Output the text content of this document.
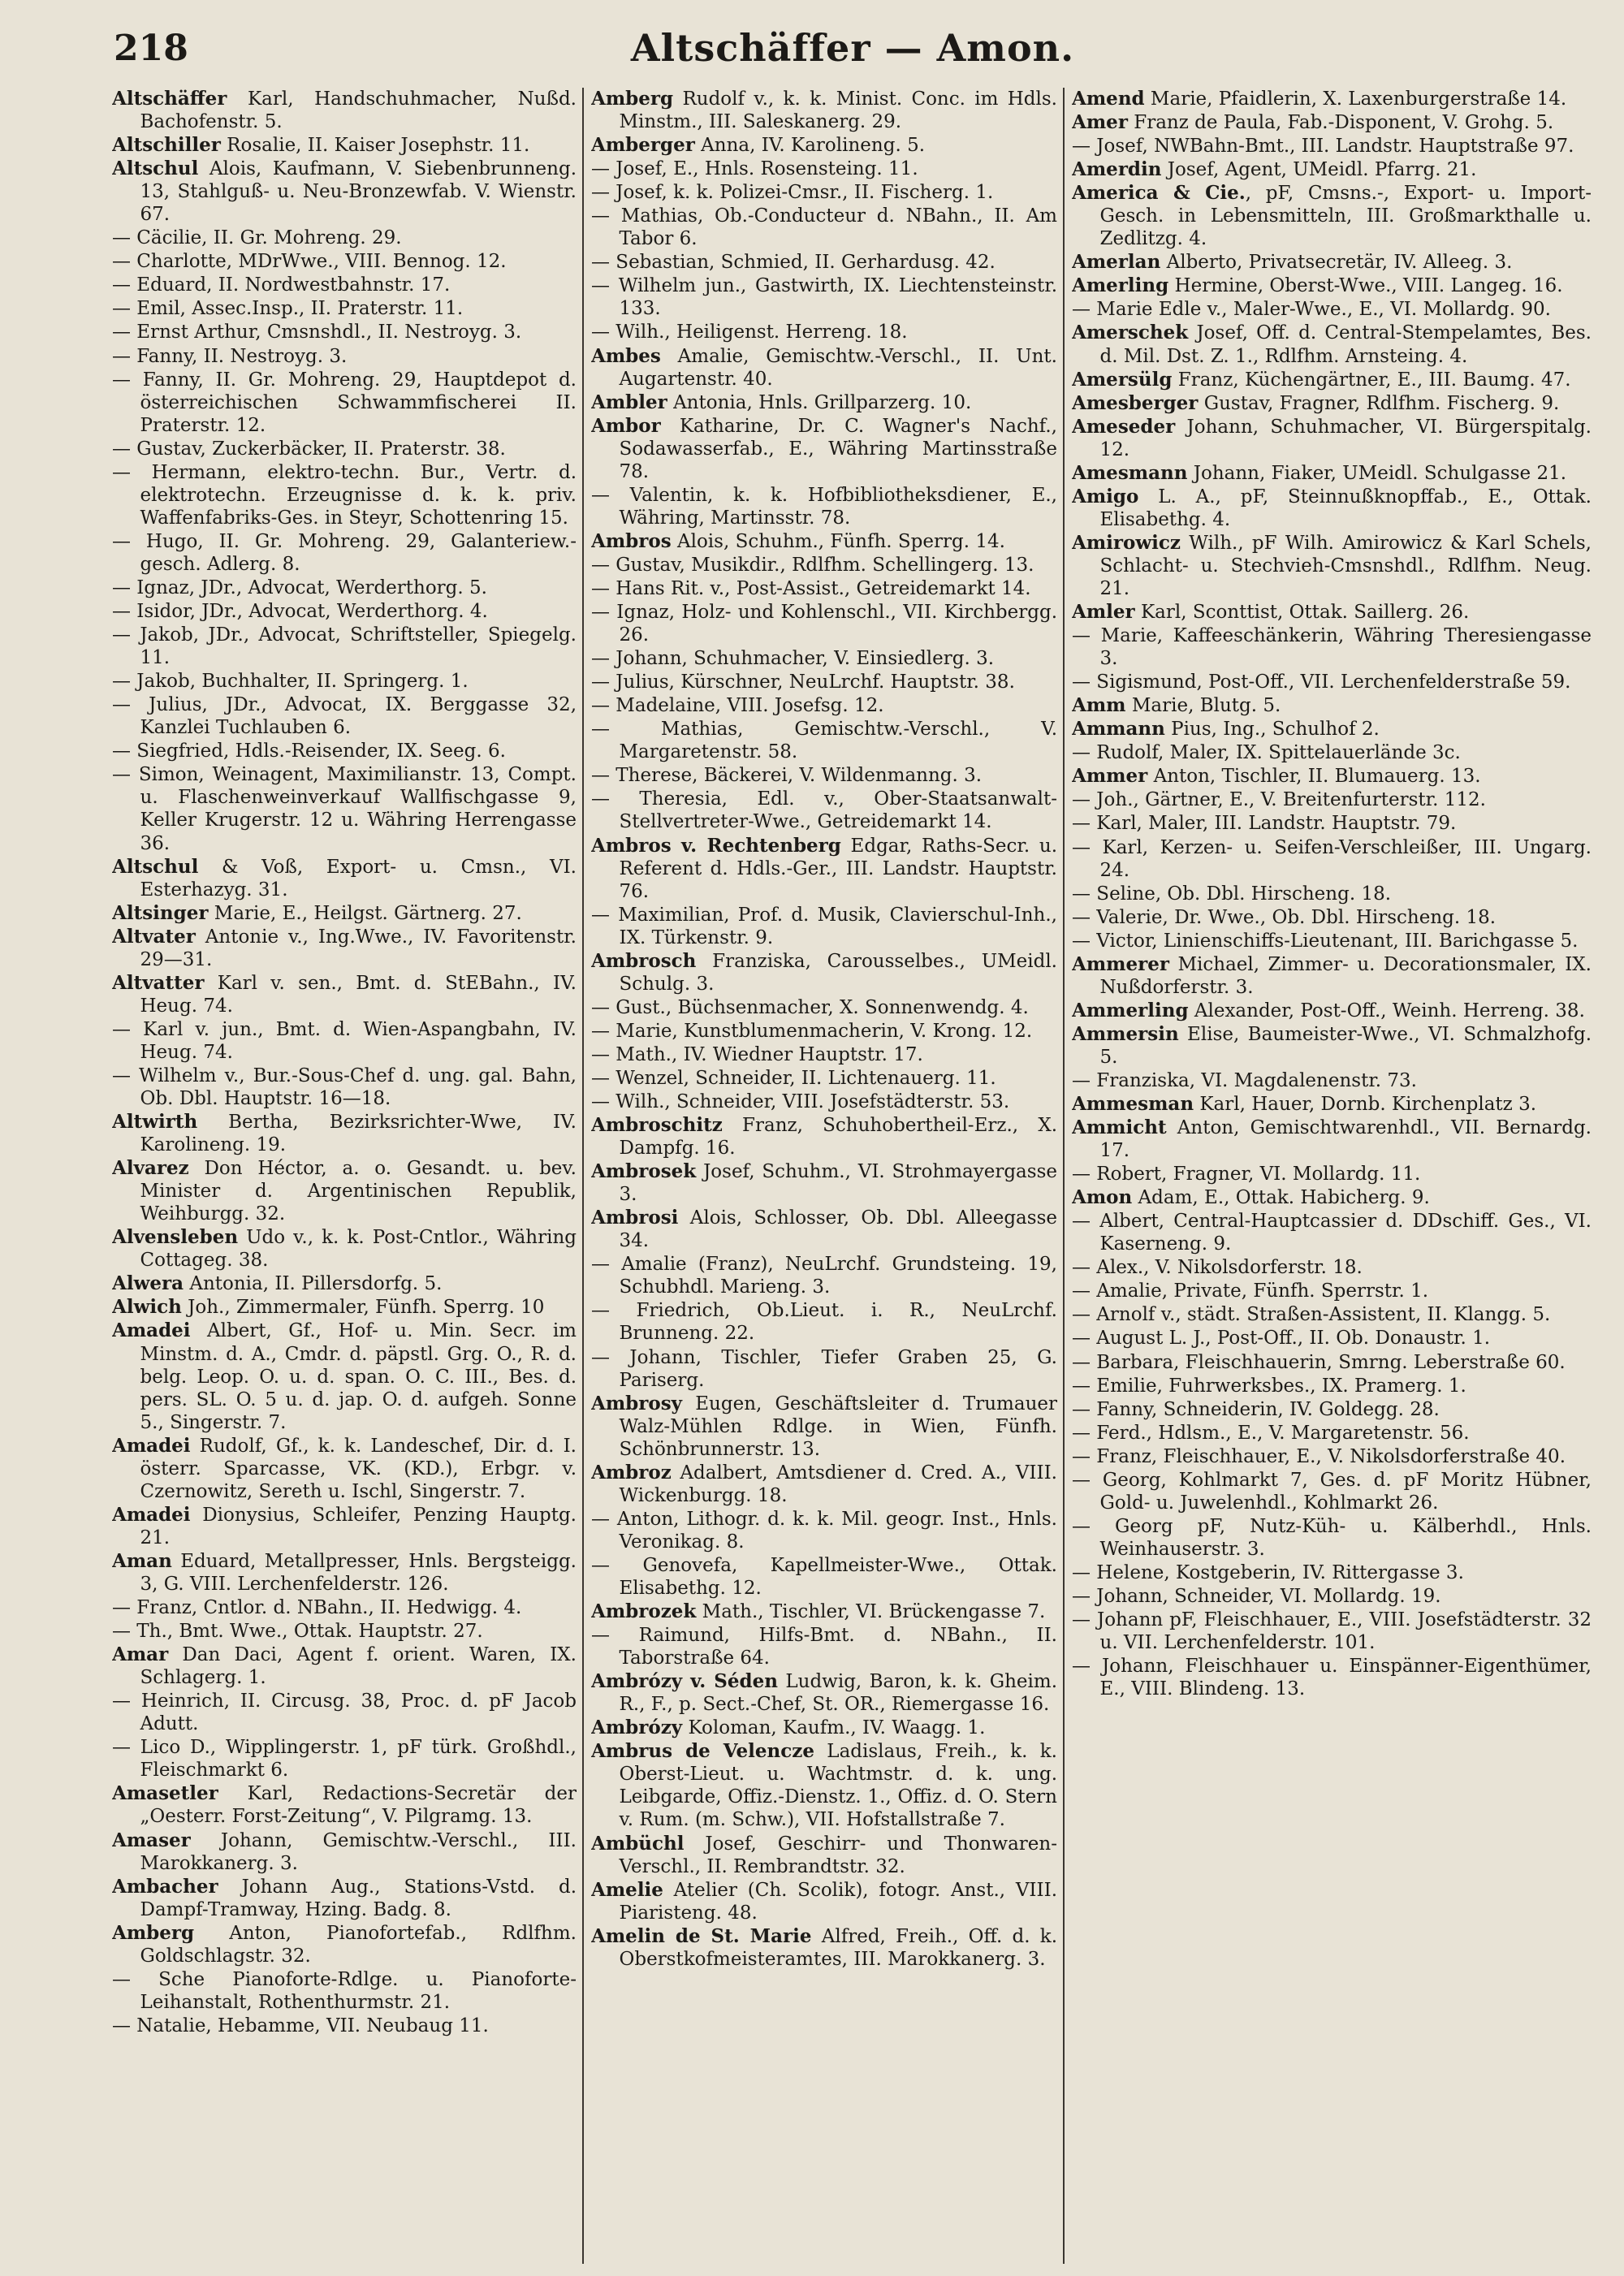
218	Altschäffer — Amon.
Altschäffer Karl, Handschuhmacher, Nußd. Bachofenstr. 5.
Altschiller Rosalie, II. Kaiser Josephstr. 11.
Altschul Alois, Kaufmann, V. Siebenbrunneng. 13, Stahlguß- u. Neu-Bronzewfab. V. Wienstr. 67.
— Cäcilie, II. Gr. Mohreng. 29.
— Charlotte, MDrWwe., VIII. Bennog. 12.
— Eduard, II. Nordwestbahnstr. 17.
— Emil, Assec.Insp., II. Praterstr. 11.
— Ernst Arthur, Cmsnshdl., II. Nestroyg. 3.
— Fanny, II. Nestroyg. 3.
— Fanny, II. Gr. Mohreng. 29, Hauptdepot d. österreichischen Schwammfischerei II. Praterstr. 12.
— Gustav, Zuckerbäcker, II. Praterstr. 38.
— Hermann, elektro-techn. Bur., Vertr. d. elektrotechn. Erzeugnisse d. k. k. priv. Waffenfabriks-Ges. in Steyr, Schottenring 15.
— Hugo, II. Gr. Mohreng. 29, Galanteriew.-gesch. Adlerg. 8.
— Ignaz, JDr., Advocat, Werderthorg. 5.
— Isidor, JDr., Advocat, Werderthorg. 4.
— Jakob, JDr., Advocat, Schriftsteller, Spiegelg. 11.
— Jakob, Buchhalter, II. Springerg. 1.
— Julius, JDr., Advocat, IX. Berggasse 32, Kanzlei Tuchlauben 6.
— Siegfried, Hdls.-Reisender, IX. Seeg. 6.
— Simon, Weinagent, Maximilianstr. 13, Compt. u. Flaschenweinverkauf Wallfischgasse 9, Keller Krugerstr. 12 u. Währing Herrengasse 36.
Altschul & Voß, Export- u. Cmsn., VI. Esterhazyg. 31.
Altsinger Marie, E., Heilgst. Gärtnerg. 27.
Altvater Antonie v., Ing.Wwe., IV. Favoritenstr. 29—31.
Altvatter Karl v. sen., Bmt. d. StEBahn., IV. Heug. 74.
— Karl v. jun., Bmt. d. Wien-Aspangbahn, IV. Heug. 74.
— Wilhelm v., Bur.-Sous-Chef d. ung. gal. Bahn, Ob. Dbl. Hauptstr. 16—18.
Altwirth Bertha, Bezirksrichter-Wwe, IV. Karolineng. 19.
Alvarez Don Héctor, a. o. Gesandt. u. bev. Minister d. Argentinischen Republik, Weihburgg. 32.
Alvensleben Udo v., k. k. Post-Cntlor., Währing Cottageg. 38.
Alwera Antonia, II. Pillersdorfg. 5.
Alwich Joh., Zimmermaler, Fünfh. Sperrg. 10
Amadei Albert, Gf., Hof- u. Min. Secr. im Minstm. d. A., Cmdr. d. päpstl. Grg. O., R. d. belg. Leop. O. u. d. span. O. C. III., Bes. d. pers. SL. O. 5 u. d. jap. O. d. aufgeh. Sonne 5., Singerstr. 7.
Amadei Rudolf, Gf., k. k. Landeschef, Dir. d. I. österr. Sparcasse, VK. (KD.), Erbgr. v. Czernowitz, Sereth u. Ischl, Singerstr. 7.
Amadei Dionysius, Schleifer, Penzing Hauptg. 21.
Aman Eduard, Metallpresser, Hnls. Bergsteigg. 3, G. VIII. Lerchenfelderstr. 126.
— Franz, Cntlor. d. NBahn., II. Hedwigg. 4.
— Th., Bmt. Wwe., Ottak. Hauptstr. 27.
Amar Dan Daci, Agent f. orient. Waren, IX. Schlagerg. 1.
— Heinrich, II. Circusg. 38, Proc. d. pF Jacob Adutt.
— Lico D., Wipplingerstr. 1, pF türk. Großhdl., Fleischmarkt 6.
Amasetler Karl, Redactions-Secretär der „Oesterr. Forst-Zeitung“, V. Pilgramg. 13.
Amaser Johann, Gemischtw.-Verschl., III. Marokkanerg. 3.
Ambacher Johann Aug., Stations-Vstd. d. Dampf-Tramway, Hzing. Badg. 8.
Amberg Anton, Pianofortefab., Rdlfhm. Goldschlagstr. 32.
— Sche Pianoforte-Rdlge. u. Pianoforte-Leihanstalt, Rothenthurmstr. 21.
— Natalie, Hebamme, VII. Neubaug 11.
Amberg Rudolf v., k. k. Minist. Conc. im Hdls. Minstm., III. Saleskanerg. 29.
Amberger Anna, IV. Karolineng. 5.
— Josef, E., Hnls. Rosensteing. 11.
— Josef, k. k. Polizei-Cmsr., II. Fischerg. 1.
— Mathias, Ob.-Conducteur d. NBahn., II. Am Tabor 6.
— Sebastian, Schmied, II. Gerhardusg. 42.
— Wilhelm jun., Gastwirth, IX. Liechtensteinstr. 133.
— Wilh., Heiligenst. Herreng. 18.
Ambes Amalie, Gemischtw.-Verschl., II. Unt. Augartenstr. 40.
Ambler Antonia, Hnls. Grillparzerg. 10.
Ambor Katharine, Dr. C. Wagner's Nachf., Sodawasserfab., E., Währing Martinsstraße 78.
— Valentin, k. k. Hofbibliotheksdiener, E., Währing, Martinsstr. 78.
Ambros Alois, Schuhm., Fünfh. Sperrg. 14.
— Gustav, Musikdir., Rdlfhm. Schellingerg. 13.
— Hans Rit. v., Post-Assist., Getreidemarkt 14.
— Ignaz, Holz- und Kohlenschl., VII. Kirchbergg. 26.
— Johann, Schuhmacher, V. Einsiedlerg. 3.
— Julius, Kürschner, NeuLrchf. Hauptstr. 38.
— Madelaine, VIII. Josefsg. 12.
— Mathias, Gemischtw.-Verschl., V. Margaretenstr. 58.
— Therese, Bäckerei, V. Wildenmanng. 3.
— Theresia, Edl. v., Ober-Staatsanwalt-Stellvertreter-Wwe., Getreidemarkt 14.
Ambros v. Rechtenberg Edgar, Raths-Secr. u. Referent d. Hdls.-Ger., III. Landstr. Hauptstr. 76.
— Maximilian, Prof. d. Musik, Clavierschul-Inh., IX. Türkenstr. 9.
Ambrosch Franziska, Carousselbes., UMeidl. Schulg. 3.
— Gust., Büchsenmacher, X. Sonnenwendg. 4.
— Marie, Kunstblumenmacherin, V. Krong. 12.
— Math., IV. Wiedner Hauptstr. 17.
— Wenzel, Schneider, II. Lichtenauerg. 11.
— Wilh., Schneider, VIII. Josefstädterstr. 53.
Ambroschitz Franz, Schuhobertheil-Erz., X. Dampfg. 16.
Ambrosek Josef, Schuhm., VI. Strohmayergasse 3.
Ambrosi Alois, Schlosser, Ob. Dbl. Alleegasse 34.
— Amalie (Franz), NeuLrchf. Grundsteing. 19, Schubhdl. Marieng. 3.
— Friedrich, Ob.Lieut. i. R., NeuLrchf. Brunneng. 22.
— Johann, Tischler, Tiefer Graben 25, G. Pariserg.
Ambrosy Eugen, Geschäftsleiter d. Trumauer Walz-Mühlen Rdlge. in Wien, Fünfh. Schönbrunnerstr. 13.
Ambroz Adalbert, Amtsdiener d. Cred. A., VIII. Wickenburgg. 18.
— Anton, Lithogr. d. k. k. Mil. geogr. Inst., Hnls. Veronikag. 8.
— Genovefa, Kapellmeister-Wwe., Ottak. Elisabethg. 12.
Ambrozek Math., Tischler, VI. Brückengasse 7.
— Raimund, Hilfs-Bmt. d. NBahn., II. Taborstraße 64.
Ambrózy v. Séden Ludwig, Baron, k. k. Gheim. R., F., p. Sect.-Chef, St. OR., Riemergasse 16.
Ambrózy Koloman, Kaufm., IV. Waagg. 1.
Ambrus de Velencze Ladislaus, Freih., k. k. Oberst-Lieut. u. Wachtmstr. d. k. ung. Leibgarde, Offiz.-Dienstz. 1., Offiz. d. O. Stern v. Rum. (m. Schw.), VII. Hofstallstraße 7.
Ambüchl Josef, Geschirr- und Thonwaren-Verschl., II. Rembrandtstr. 32.
Amelie Atelier (Ch. Scolik), fotogr. Anst., VIII. Piaristeng. 48.
Amelin de St. Marie Alfred, Freih., Off. d. k. Oberstkofmeisteramtes, III. Marokkanerg. 3.
Amend Marie, Pfaidlerin, X. Laxenburgerstraße 14.
Amer Franz de Paula, Fab.-Disponent, V. Grohg. 5.
— Josef, NWBahn-Bmt., III. Landstr. Hauptstraße 97.
Amerdin Josef, Agent, UMeidl. Pfarrg. 21.
America & Cie., pF, Cmsns.-, Export- u. Import-Gesch. in Lebensmitteln, III. Großmarkthalle u. Zedlitzg. 4.
Amerlan Alberto, Privatsecretär, IV. Alleeg. 3.
Amerling Hermine, Oberst-Wwe., VIII. Langeg. 16.
— Marie Edle v., Maler-Wwe., E., VI. Mollardg. 90.
Amerschek Josef, Off. d. Central-Stempelamtes, Bes. d. Mil. Dst. Z. 1., Rdlfhm. Arnsteing. 4.
Amersülg Franz, Küchengärtner, E., III. Baumg. 47.
Amesberger Gustav, Fragner, Rdlfhm. Fischerg. 9.
Ameseder Johann, Schuhmacher, VI. Bürgerspitalg. 12.
Amesmann Johann, Fiaker, UMeidl. Schulgasse 21.
Amigo L. A., pF, Steinnußknopffab., E., Ottak. Elisabethg. 4.
Amirowicz Wilh., pF Wilh. Amirowicz & Karl Schels, Schlacht- u. Stechvieh-Cmsnshdl., Rdlfhm. Neug. 21.
Amler Karl, Sconttist, Ottak. Saillerg. 26.
— Marie, Kaffeeschänkerin, Währing Theresiengasse 3.
— Sigismund, Post-Off., VII. Lerchenfelderstraße 59.
Amm Marie, Blutg. 5.
Ammann Pius, Ing., Schulhof 2.
— Rudolf, Maler, IX. Spittelauerlände 3c.
Ammer Anton, Tischler, II. Blumauerg. 13.
— Joh., Gärtner, E., V. Breitenfurterstr. 112.
— Karl, Maler, III. Landstr. Hauptstr. 79.
— Karl, Kerzen- u. Seifen-Verschleißer, III. Ungarg. 24.
— Seline, Ob. Dbl. Hirscheng. 18.
— Valerie, Dr. Wwe., Ob. Dbl. Hirscheng. 18.
— Victor, Linienschiffs-Lieutenant, III. Barichgasse 5.
Ammerer Michael, Zimmer- u. Decorationsmaler, IX. Nußdorferstr. 3.
Ammerling Alexander, Post-Off., Weinh. Herreng. 38.
Ammersin Elise, Baumeister-Wwe., VI. Schmalzhofg. 5.
— Franziska, VI. Magdalenenstr. 73.
Ammesman Karl, Hauer, Dornb. Kirchenplatz 3.
Ammicht Anton, Gemischtwarenhdl., VII. Bernardg. 17.
— Robert, Fragner, VI. Mollardg. 11.
Amon Adam, E., Ottak. Habicherg. 9.
— Albert, Central-Hauptcassier d. DDschiff. Ges., VI. Kaserneng. 9.
— Alex., V. Nikolsdorferstr. 18.
— Amalie, Private, Fünfh. Sperrstr. 1.
— Arnolf v., städt. Straßen-Assistent, II. Klangg. 5.
— August L. J., Post-Off., II. Ob. Donaustr. 1.
— Barbara, Fleischhauerin, Smrng. Leberstraße 60.
— Emilie, Fuhrwerksbes., IX. Pramerg. 1.
— Fanny, Schneiderin, IV. Goldegg. 28.
— Ferd., Hdlsm., E., V. Margaretenstr. 56.
— Franz, Fleischhauer, E., V. Nikolsdorferstraße 40.
— Georg, Kohlmarkt 7, Ges. d. pF Moritz Hübner, Gold- u. Juwelenhdl., Kohlmarkt 26.
— Georg pF, Nutz-Küh- u. Kälberhdl., Hnls. Weinhauserstr. 3.
— Helene, Kostgeberin, IV. Rittergasse 3.
— Johann, Schneider, VI. Mollardg. 19.
— Johann pF, Fleischhauer, E., VIII. Josefstädterstr. 32 u. VII. Lerchenfelderstr. 101.
— Johann, Fleischhauer u. Einspänner-Eigenthümer, E., VIII. Blindeng. 13.
